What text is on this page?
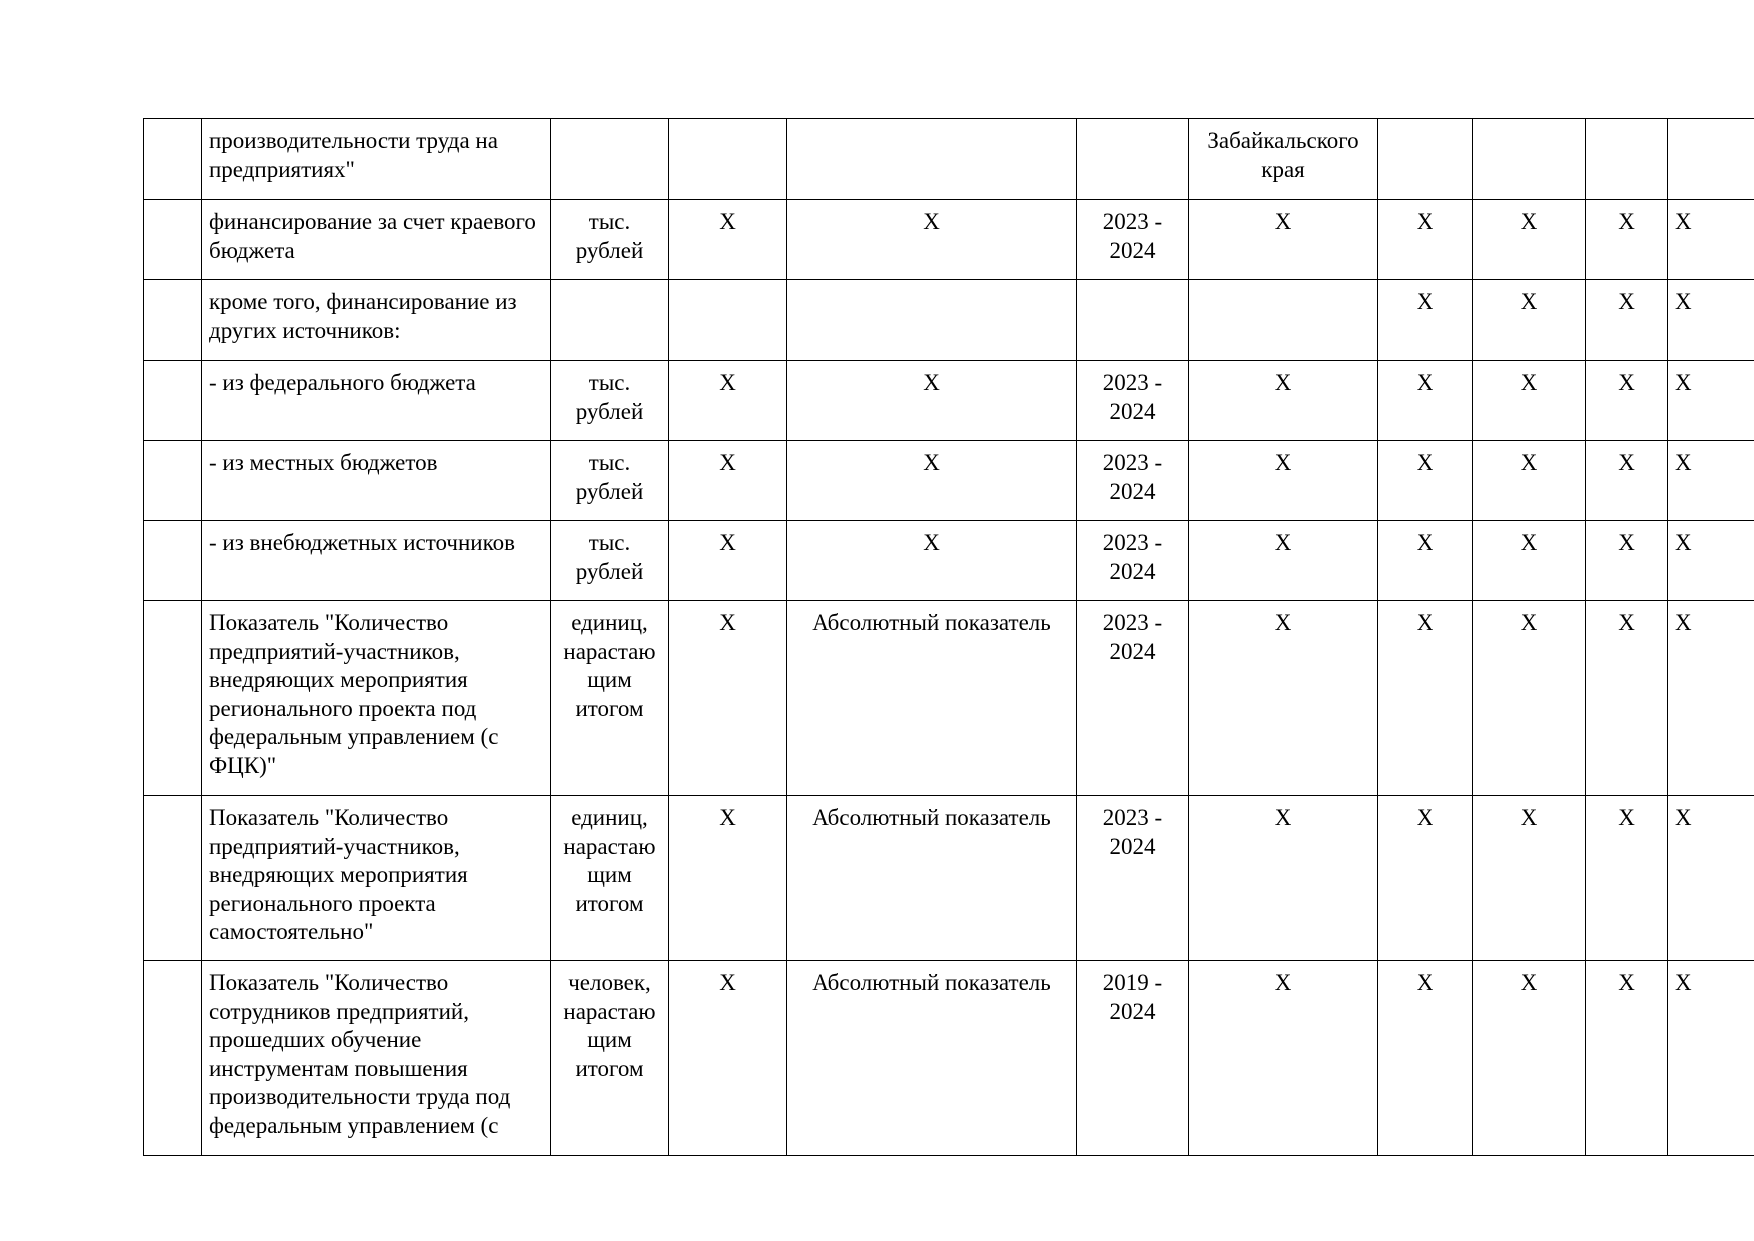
	производительности труда на предприятиях"					Забайкальского края				
	финансирование за счет краевого бюджета	тыс. рублей	Х	Х	2023 - 2024	Х	Х	Х	Х	Х
	кроме того, финансирование из других источников:						Х	Х	Х	Х
	- из федерального бюджета	тыс. рублей	Х	Х	2023 - 2024	Х	Х	Х	Х	Х
	- из местных бюджетов	тыс. рублей	Х	Х	2023 - 2024	Х	Х	Х	Х	Х
	- из внебюджетных источников	тыс. рублей	Х	Х	2023 - 2024	Х	Х	Х	Х	Х
	Показатель "Количество предприятий-участников, внедряющих мероприятия регионального проекта под федеральным управлением (с ФЦК)"	единиц, нарастаю щим итогом	Х	Абсолютный показатель	2023 - 2024	Х	Х	Х	Х	Х
	Показатель "Количество предприятий-участников, внедряющих мероприятия регионального проекта самостоятельно"	единиц, нарастаю щим итогом	Х	Абсолютный показатель	2023 - 2024	Х	Х	Х	Х	Х
	Показатель "Количество сотрудников предприятий, прошедших обучение инструментам повышения производительности труда под федеральным управлением (с	человек, нарастаю щим итогом	Х	Абсолютный показатель	2019 - 2024	Х	Х	Х	Х	Х
